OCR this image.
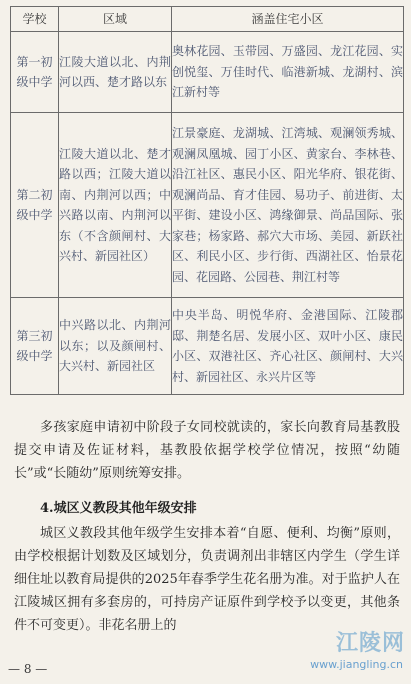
学校	区域	涵盖住宅小区
第一初级中学	江陵大道以北、内荆河以西、楚才路以东	奥林花园、玉带园、万盛园、龙江花园、实创悦玺、万佳时代、临港新城、龙湖村、滨江新村等
第二初级中学	江陵大道以北、楚才路以西；江陵大道以南、内荆河以西；中兴路以南、内荆河以东（不含颜闸村、大兴村、新园社区）	江景豪庭、龙湖城、江湾城、观澜领秀城、观澜凤凰城、园丁小区、黄家台、李林巷、沿江社区、惠民小区、阳光华府、银花街、观澜尚品、育才佳园、易功子、前进街、太平街、建设小区、鸿缘御景、尚品国际、张家巷；杨家路、郝穴大市场、美园、新跃社区、利民小区、步行街、西湖社区、怡景花园、花园路、公园巷、荆江村等
第三初级中学	中兴路以北、内荆河以东；以及颜闸村、大兴村、新园社区	中央半岛、明悦华府、金港国际、江陵郡邸、荆楚名居、发展小区、双叶小区、康民小区、双港社区、齐心社区、颜闸村、大兴村、新园社区、永兴片区等
多孩家庭申请初中阶段子女同校就读的，家长向教育局基教股提交申请及佐证材料，基教股依据学校学位情况，按照“幼随长”或“长随幼”原则统筹安排。
4.城区义教段其他年级安排
城区义教段其他年级学生安排本着“自愿、便利、均衡”原则，由学校根据计划数及区域划分，负责调剂出非辖区内学生（学生详细住址以教育局提供的2025年春季学生花名册为准。对于监护人在江陵城区拥有多套房的，可持房产证原件到学校予以变更，其他条件不可变更）。非花名册上的
— 8 —
江陵网
www.jiangling.cn
